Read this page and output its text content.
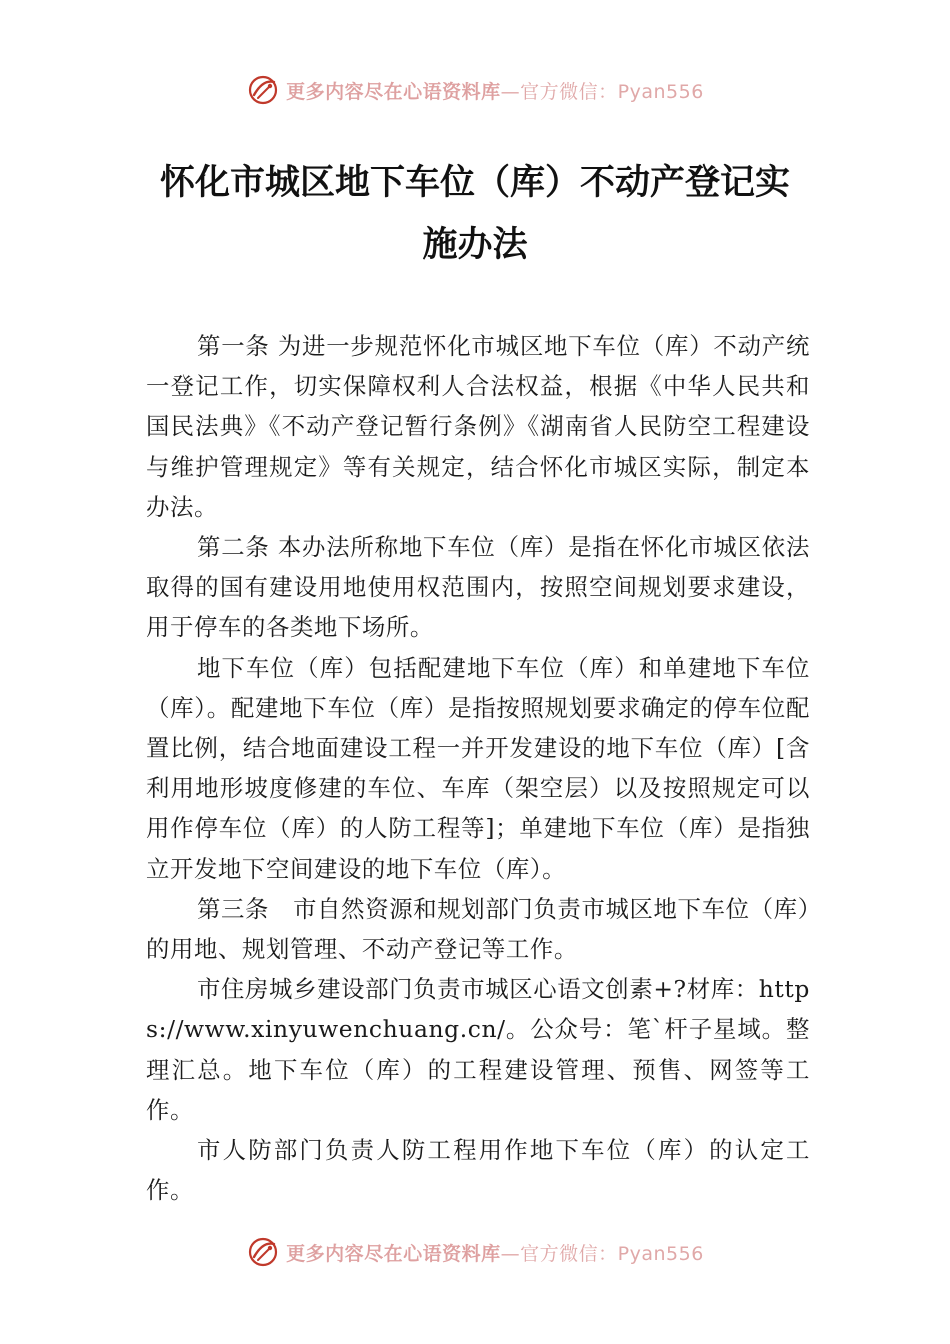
更多内容尽在心语资料库—官方微信：Pyan556
怀化市城区地下车位（库）不动产登记实
施办法

第一条 为进一步规范怀化市城区地下车位（库）不动产统一登记工作，切实保障权利人合法权益，根据《中华人民共和国民法典》《不动产登记暂行条例》《湖南省人民防空工程建设与维护管理规定》等有关规定，结合怀化市城区实际，制定本办法。

第二条 本办法所称地下车位（库）是指在怀化市城区依法取得的国有建设用地使用权范围内，按照空间规划要求建设，用于停车的各类地下场所。

地下车位（库）包括配建地下车位（库）和单建地下车位（库）。配建地下车位（库）是指按照规划要求确定的停车位配置比例，结合地面建设工程一并开发建设的地下车位（库）[含利用地形坡度修建的车位、车库（架空层）以及按照规定可以用作停车位（库）的人防工程等]；单建地下车位（库）是指独立开发地下空间建设的地下车位（库）。

第三条　市自然资源和规划部门负责市城区地下车位（库）的用地、规划管理、不动产登记等工作。

市住房城乡建设部门负责市城区心语文创素+?材库：https://www.xinyuwenchuang.cn/。公众号：笔`杆子星域。整理汇总。地下车位（库）的工程建设管理、预售、网签等工作。

市人防部门负责人防工程用作地下车位（库）的认定工作。

更多内容尽在心语资料库—官方微信：Pyan556
